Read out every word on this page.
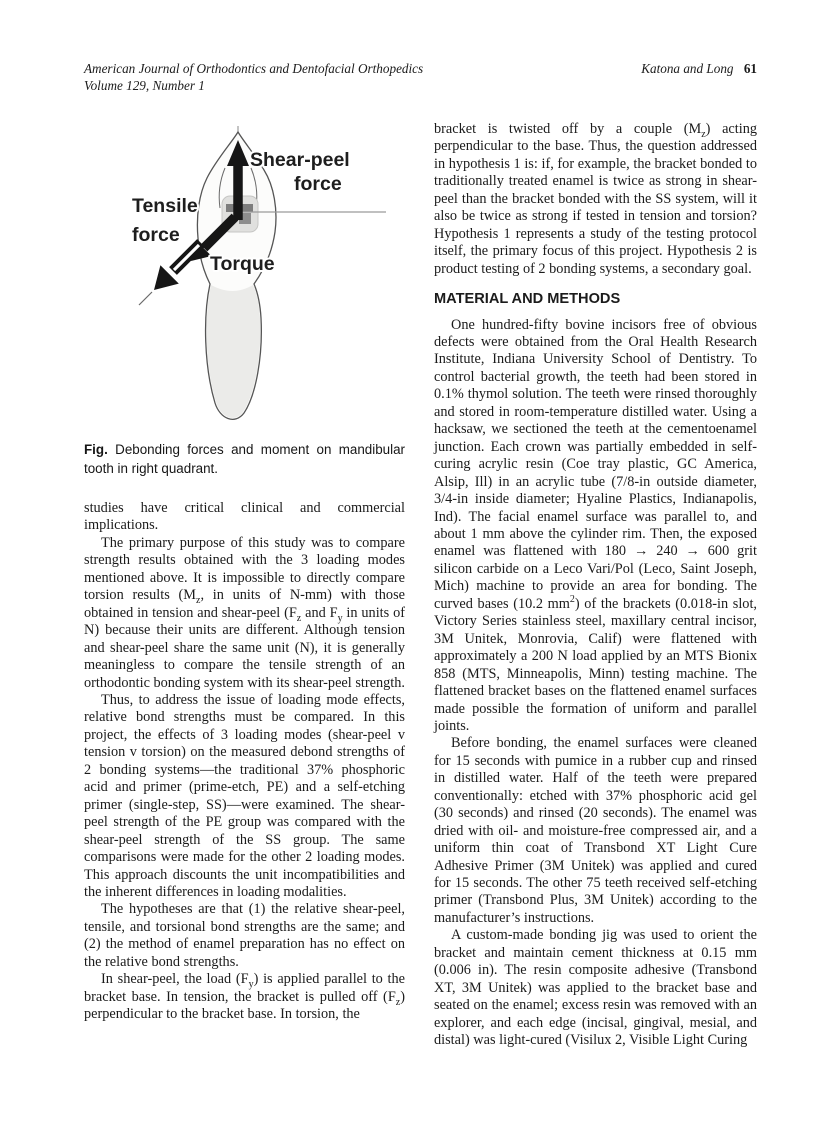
American Journal of Orthodontics and Dentofacial Orthopedics
Volume 129, Number 1
Katona and Long 61
Shear-peel
force
Tensile
force
Torque
Fig. Debonding forces and moment on mandibular tooth in right quadrant.

studies have critical clinical and commercial implications.

The primary purpose of this study was to compare strength results obtained with the 3 loading modes mentioned above. It is impossible to directly compare torsion results ($M_z$, in units of N-mm) with those obtained in tension and shear-peel ($F_z$ and $F_y$ in units of N) because their units are different. Although tension and shear-peel share the same unit (N), it is generally meaningless to compare the tensile strength of an orthodontic bonding system with its shear-peel strength.

Thus, to address the issue of loading mode effects, relative bond strengths must be compared. In this project, the effects of 3 loading modes (shear-peel v tension v torsion) on the measured debond strengths of 2 bonding systems—the traditional 37% phosphoric acid and primer (prime-etch, PE) and a self-etching primer (single-step, SS)—were examined. The shear-peel strength of the PE group was compared with the shear-peel strength of the SS group. The same comparisons were made for the other 2 loading modes. This approach discounts the unit incompatibilities and the inherent differences in loading modalities.

The hypotheses are that (1) the relative shear-peel, tensile, and torsional bond strengths are the same; and (2) the method of enamel preparation has no effect on the relative bond strengths.

In shear-peel, the load $(F_y)$ is applied parallel to the bracket base. In tension, the bracket is pulled off $(F_z)$ perpendicular to the bracket base. In torsion, the

bracket is twisted off by a couple $(M_z)$ acting perpendicular to the base. Thus, the question addressed in hypothesis 1 is: if, for example, the bracket bonded to traditionally treated enamel is twice as strong in shear-peel than the bracket bonded with the SS system, will it also be twice as strong if tested in tension and torsion? Hypothesis 1 represents a study of the testing protocol itself, the primary focus of this project. Hypothesis 2 is product testing of 2 bonding systems, a secondary goal.

MATERIAL AND METHODS

One hundred-fifty bovine incisors free of obvious defects were obtained from the Oral Health Research Institute, Indiana University School of Dentistry. To control bacterial growth, the teeth had been stored in 0.1% thymol solution. The teeth were rinsed thoroughly and stored in room-temperature distilled water. Using a hacksaw, we sectioned the teeth at the cementoenamel junction. Each crown was partially embedded in self-curing acrylic resin (Coe tray plastic, GC America, Alsip, Ill) in an acrylic tube (7/8-in outside diameter, 3/4-in inside diameter; Hyaline Plastics, Indianapolis, Ind). The facial enamel surface was parallel to, and about 1 mm above the cylinder rim. Then, the exposed enamel was flattened with 180 → 240 → 600 grit silicon carbide on a Leco Vari/Pol (Leco, Saint Joseph, Mich) machine to provide an area for bonding. The curved bases (10.2 $mm^2$) of the brackets (0.018-in slot, Victory Series stainless steel, maxillary central incisor, 3M Unitek, Monrovia, Calif) were flattened with approximately a 200 N load applied by an MTS Bionix 858 (MTS, Minneapolis, Minn) testing machine. The flattened bracket bases on the flattened enamel surfaces made possible the formation of uniform and parallel joints.

Before bonding, the enamel surfaces were cleaned for 15 seconds with pumice in a rubber cup and rinsed in distilled water. Half of the teeth were prepared conventionally: etched with 37% phosphoric acid gel (30 seconds) and rinsed (20 seconds). The enamel was dried with oil- and moisture-free compressed air, and a uniform thin coat of Transbond XT Light Cure Adhesive Primer (3M Unitek) was applied and cured for 15 seconds. The other 75 teeth received self-etching primer (Transbond Plus, 3M Unitek) according to the manufacturer’s instructions.

A custom-made bonding jig was used to orient the bracket and maintain cement thickness at 0.15 mm (0.006 in). The resin composite adhesive (Transbond XT, 3M Unitek) was applied to the bracket base and seated on the enamel; excess resin was removed with an explorer, and each edge (incisal, gingival, mesial, and distal) was light-cured (Visilux 2, Visible Light Curing
